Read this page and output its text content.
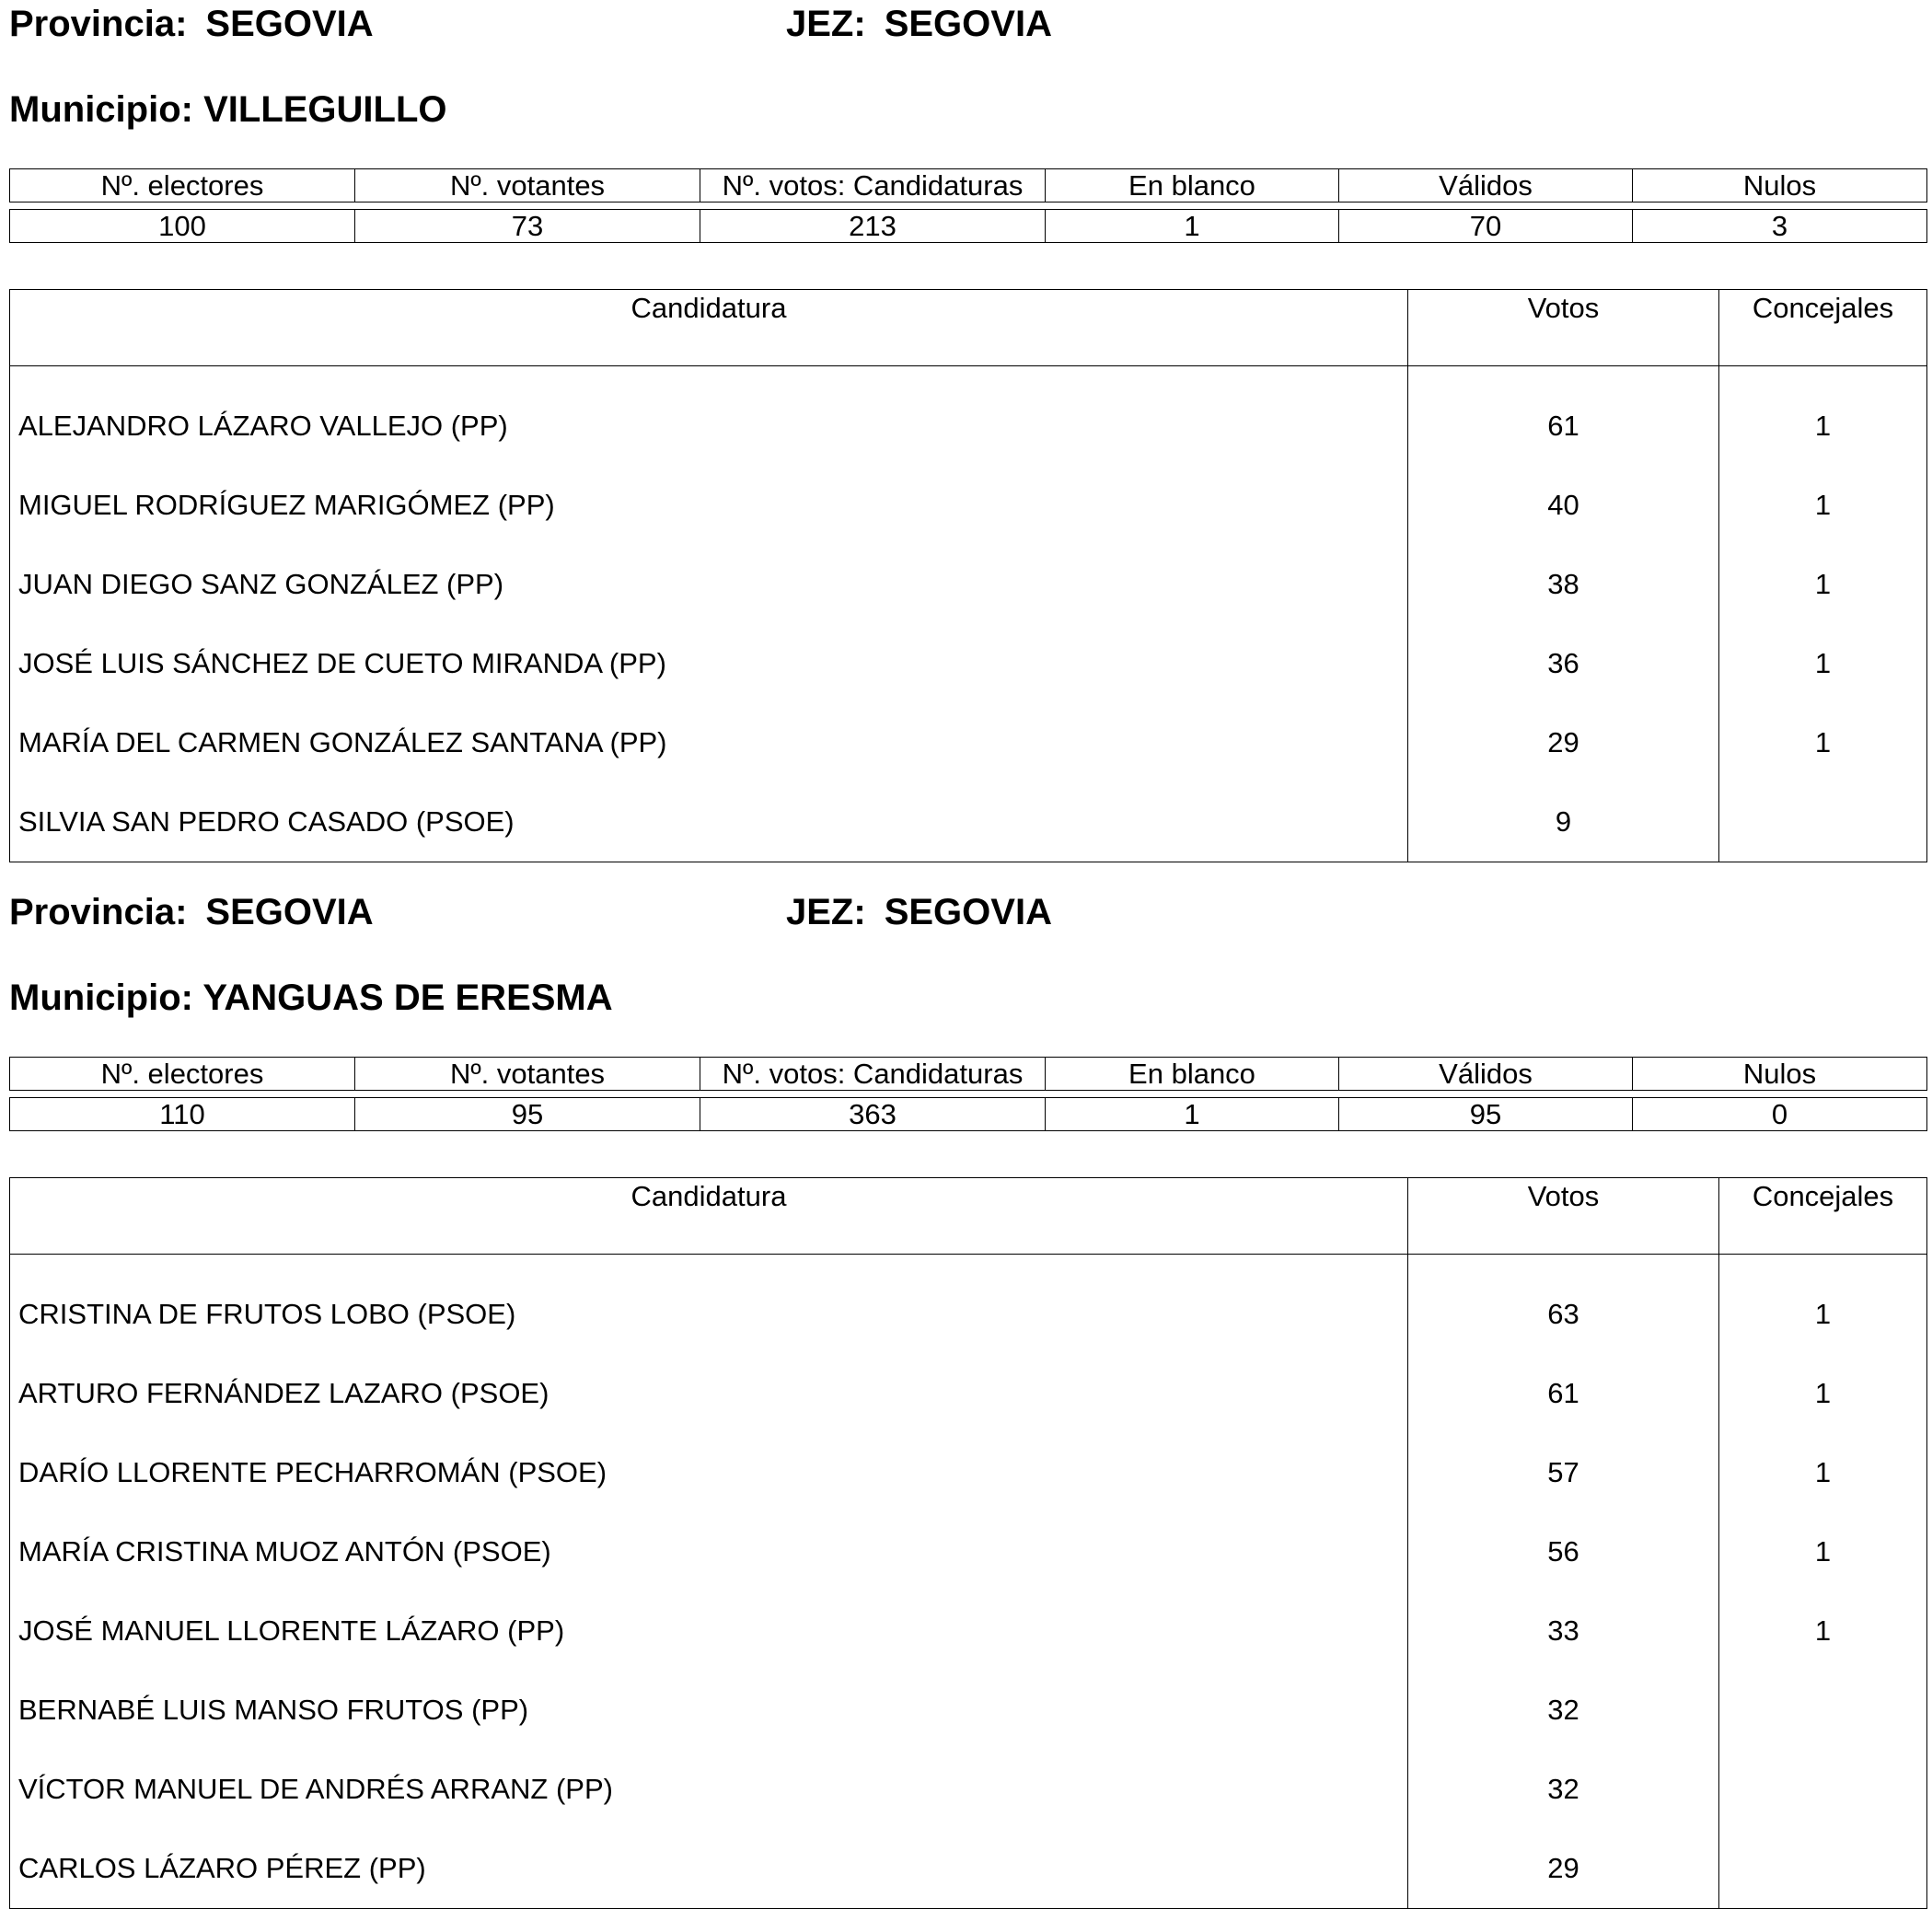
Provincia: SEGOVIA	JEZ: SEGOVIA
Municipio: VILLEGUILLO
Nº. electores	Nº. votantes	Nº. votos: Candidaturas	En blanco	Válidos	Nulos
100	73	213	1	70	3
Candidatura	Votos	Concejales
ALEJANDRO LÁZARO VALLEJO (PP)	61	1
MIGUEL RODRÍGUEZ MARIGÓMEZ (PP)	40	1
JUAN DIEGO SANZ GONZÁLEZ (PP)	38	1
JOSÉ LUIS SÁNCHEZ DE CUETO MIRANDA (PP)	36	1
MARÍA DEL CARMEN GONZÁLEZ SANTANA (PP)	29	1
SILVIA SAN PEDRO CASADO (PSOE)	9	
Provincia: SEGOVIA	JEZ: SEGOVIA
Municipio: YANGUAS DE ERESMA
Nº. electores	Nº. votantes	Nº. votos: Candidaturas	En blanco	Válidos	Nulos
110	95	363	1	95	0
Candidatura	Votos	Concejales
CRISTINA DE FRUTOS LOBO (PSOE)	63	1
ARTURO FERNÁNDEZ LAZARO (PSOE)	61	1
DARÍO LLORENTE PECHARROMÁN (PSOE)	57	1
MARÍA CRISTINA MUOZ ANTÓN (PSOE)	56	1
JOSÉ MANUEL LLORENTE LÁZARO (PP)	33	1
BERNABÉ LUIS MANSO FRUTOS (PP)	32	
VÍCTOR MANUEL DE ANDRÉS ARRANZ (PP)	32	
CARLOS LÁZARO PÉREZ (PP)	29	
